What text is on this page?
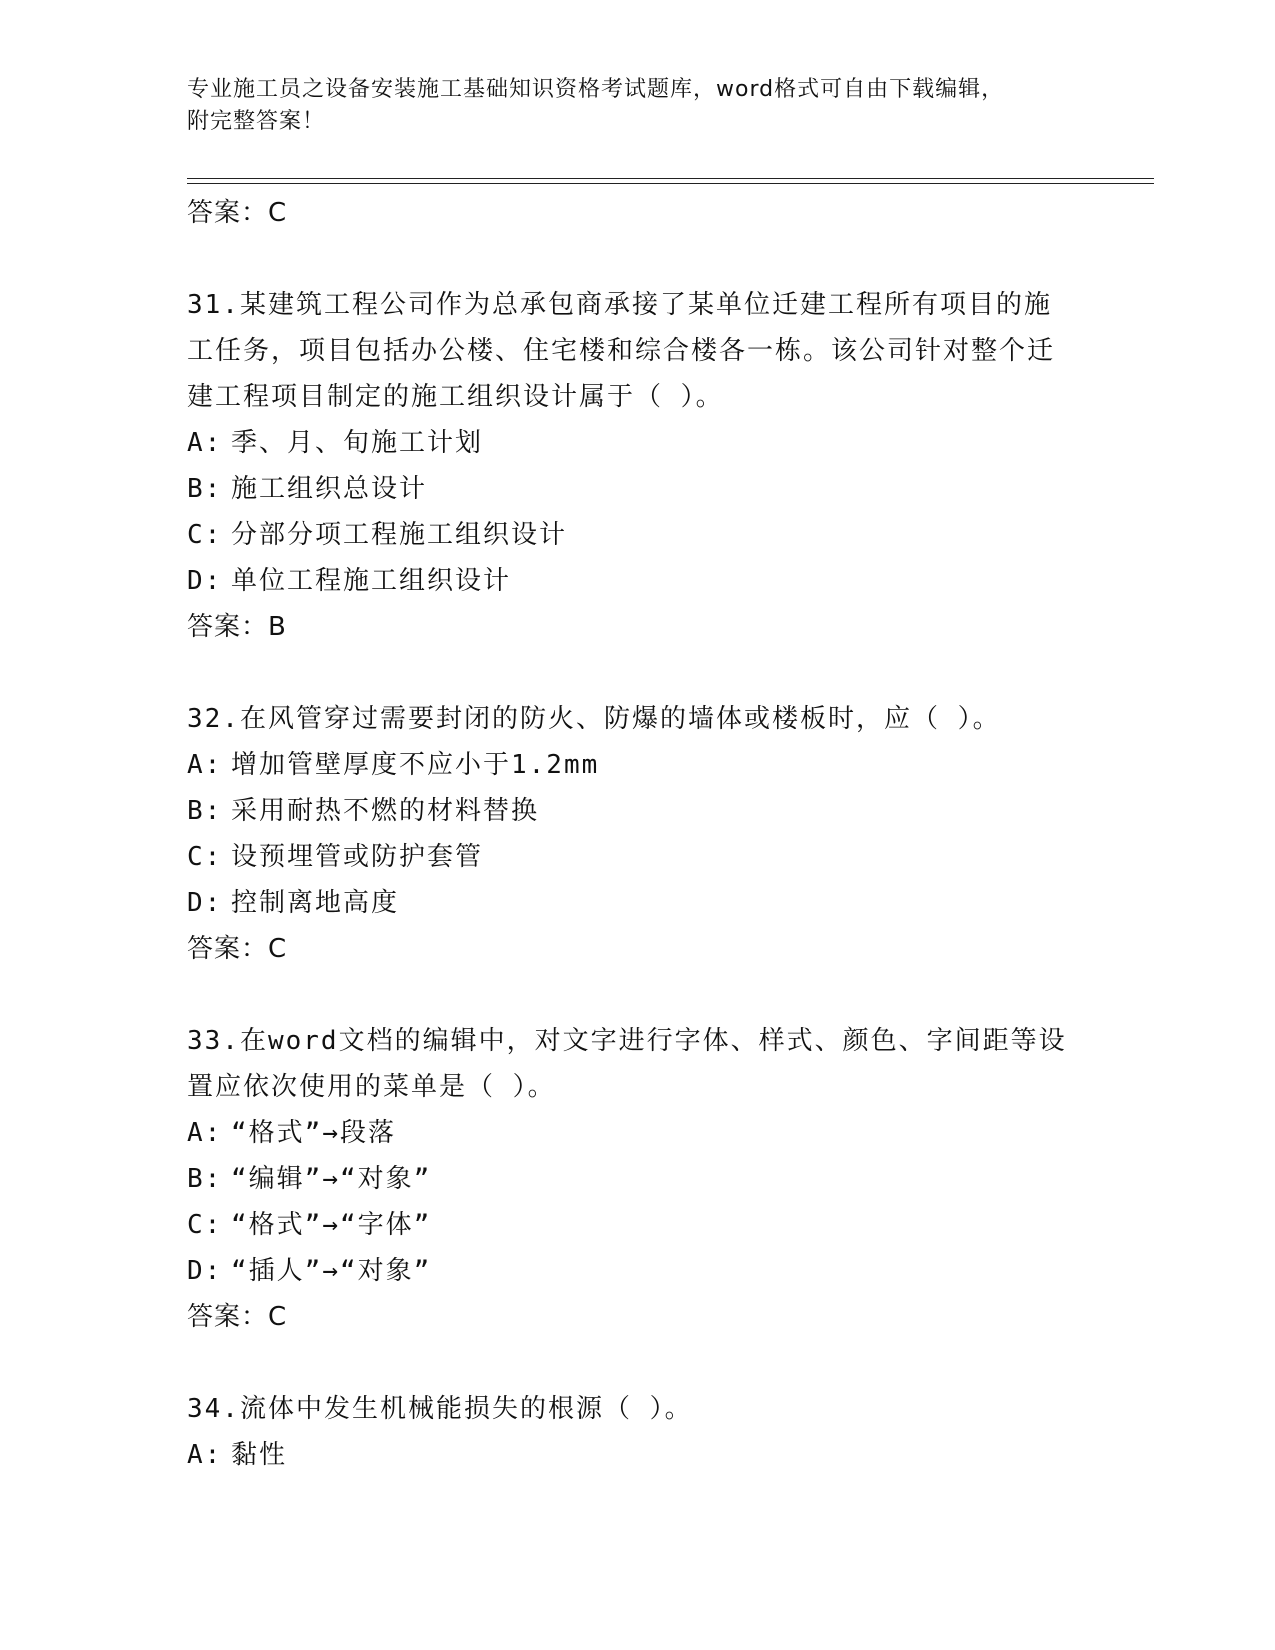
专业施工员之设备安装施工基础知识资格考试题库，word格式可自由下载编辑，
附完整答案！
答案：C
31.某建筑工程公司作为总承包商承接了某单位迁建工程所有项目的施工任务，项目包括办公楼、住宅楼和综合楼各一栋。该公司针对整个迁建工程项目制定的施工组织设计属于（ ）。
A: 季、月、旬施工计划
B: 施工组织总设计
C: 分部分项工程施工组织设计
D: 单位工程施工组织设计
答案：B
32.在风管穿过需要封闭的防火、防爆的墙体或楼板时，应（ ）。
A: 增加管壁厚度不应小于1.2mm
B: 采用耐热不燃的材料替换
C: 设预埋管或防护套管
D: 控制离地高度
答案：C
33.在word文档的编辑中，对文字进行字体、样式、颜色、字间距等设置应依次使用的菜单是（ ）。
A: “格式”→段落
B: “编辑”→“对象”
C: “格式”→“字体”
D: “插人”→“对象”
答案：C
34.流体中发生机械能损失的根源（ ）。
A: 黏性
